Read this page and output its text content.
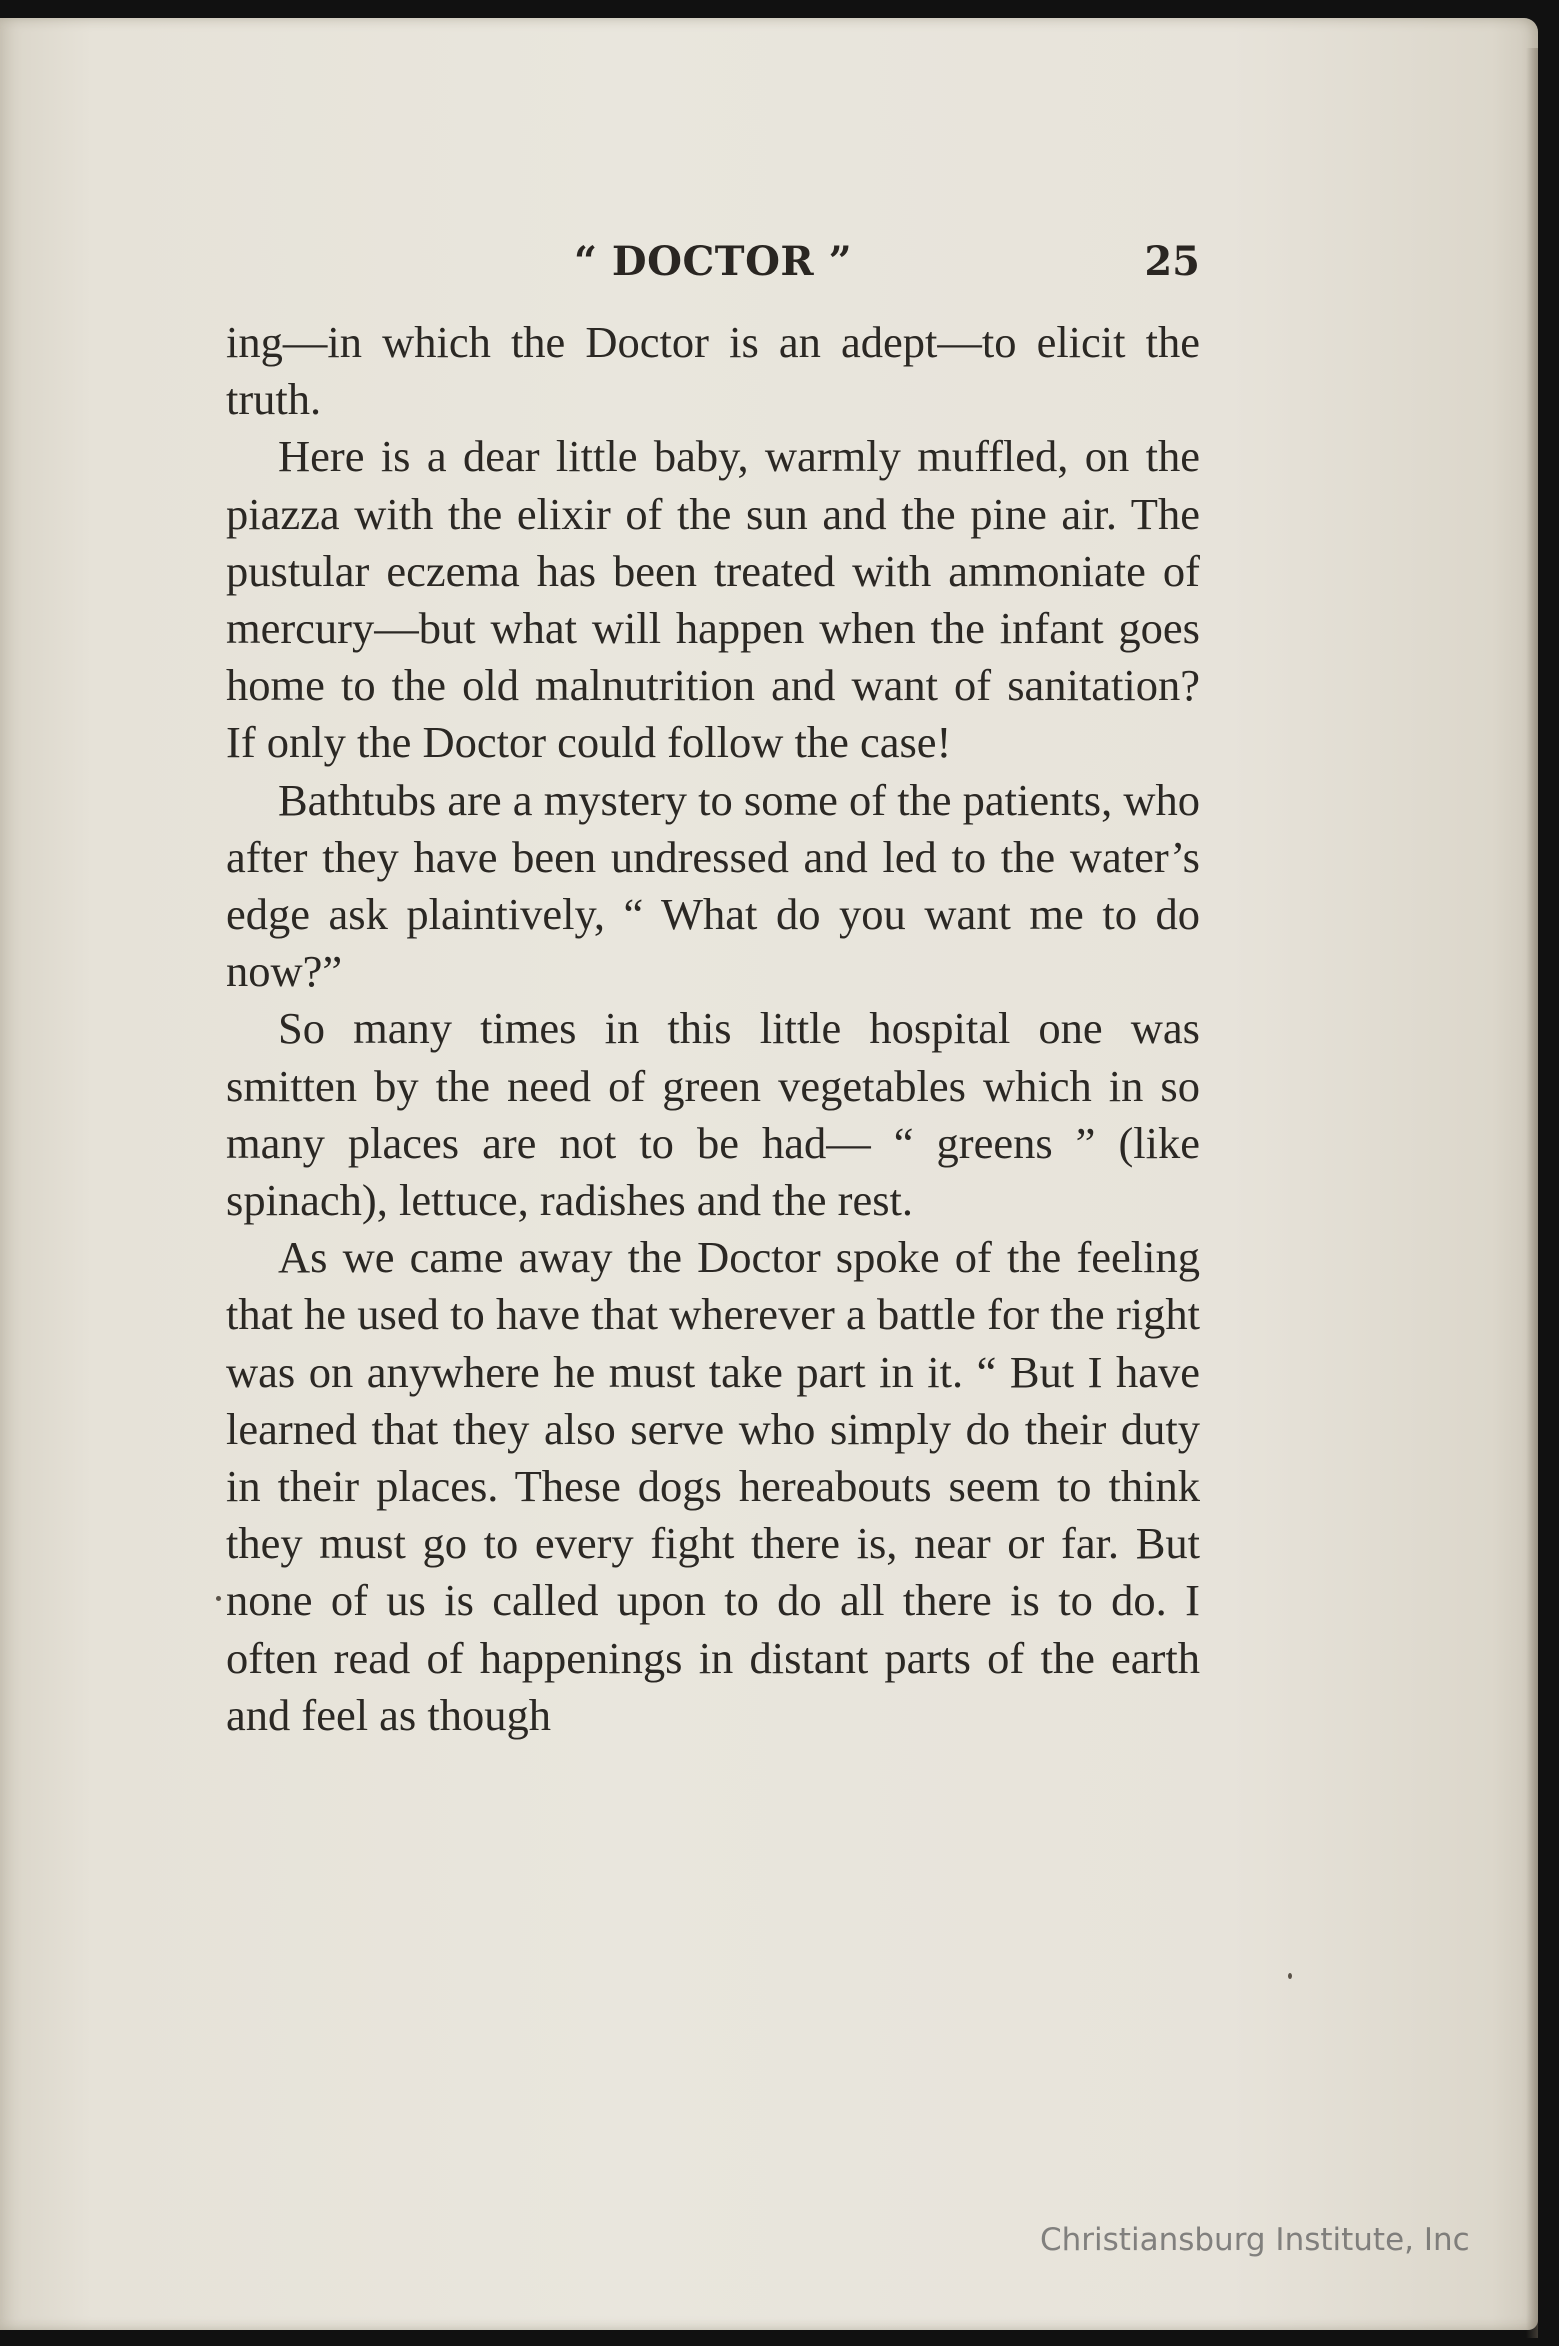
“ DOCTOR ”	25

ing—in which the Doctor is an adept—to elicit the truth.

Here is a dear little baby, warmly muffled, on the piazza with the elixir of the sun and the pine air. The pustular eczema has been treated with ammoniate of mercury—but what will happen when the infant goes home to the old malnutrition and want of sanitation? If only the Doctor could follow the case!

Bathtubs are a mystery to some of the patients, who after they have been undressed and led to the water’s edge ask plaintively, “ What do you want me to do now?”

So many times in this little hospital one was smitten by the need of green vegetables which in so many places are not to be had— “ greens ” (like spinach), lettuce, radishes and the rest.

As we came away the Doctor spoke of the feeling that he used to have that wherever a battle for the right was on anywhere he must take part in it. “ But I have learned that they also serve who simply do their duty in their places. These dogs hereabouts seem to think they must go to every fight there is, near or far. But none of us is called upon to do all there is to do. I often read of happenings in distant parts of the earth and feel as though

Christiansburg Institute, Inc
